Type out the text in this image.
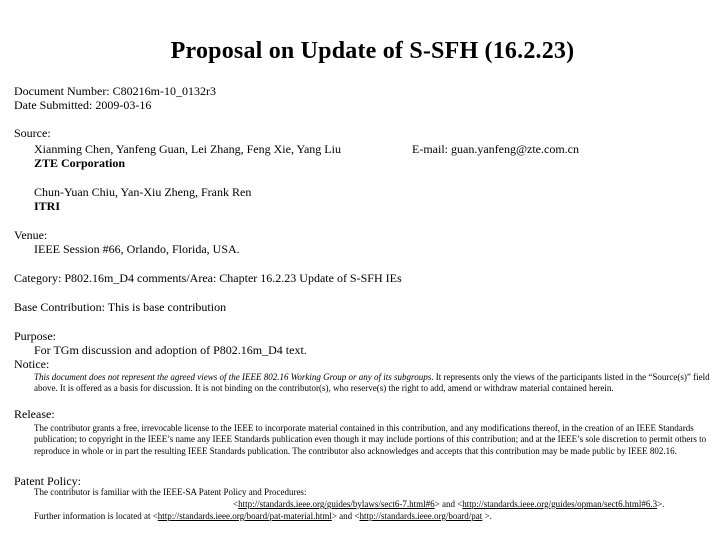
Proposal on Update of S-SFH (16.2.23)
Document Number: C80216m-10_0132r3
Date Submitted: 2009-03-16
Source:
Xianming Chen, Yanfeng Guan, Lei Zhang, Feng Xie, Yang Liu
ZTE Corporation
E-mail: guan.yanfeng@zte.com.cn
Chun-Yuan Chiu, Yan-Xiu Zheng, Frank Ren
ITRI
Venue:
IEEE Session #66, Orlando, Florida, USA.
Category: P802.16m_D4 comments/Area: Chapter 16.2.23 Update of S-SFH IEs
Base Contribution: This is base contribution
Purpose:
For TGm discussion and adoption of P802.16m_D4 text.
Notice:
This document does not represent the agreed views of the IEEE 802.16 Working Group or any of its subgroups. It represents only the views of the participants listed in the “Source(s)” field above. It is offered as a basis for discussion. It is not binding on the contributor(s), who reserve(s) the right to add, amend or withdraw material contained herein.
Release:
The contributor grants a free, irrevocable license to the IEEE to incorporate material contained in this contribution, and any modifications thereof, in the creation of an IEEE Standards publication; to copyright in the IEEE’s name any IEEE Standards publication even though it may include portions of this contribution; and at the IEEE’s sole discretion to permit others to reproduce in whole or in part the resulting IEEE Standards publication. The contributor also acknowledges and accepts that this contribution may be made public by IEEE 802.16.
Patent Policy:
The contributor is familiar with the IEEE-SA Patent Policy and Procedures:
<http://standards.ieee.org/guides/bylaws/sect6-7.html#6> and <http://standards.ieee.org/guides/opman/sect6.html#6.3>.
Further information is located at <http://standards.ieee.org/board/pat-material.html> and <http://standards.ieee.org/board/pat >.
